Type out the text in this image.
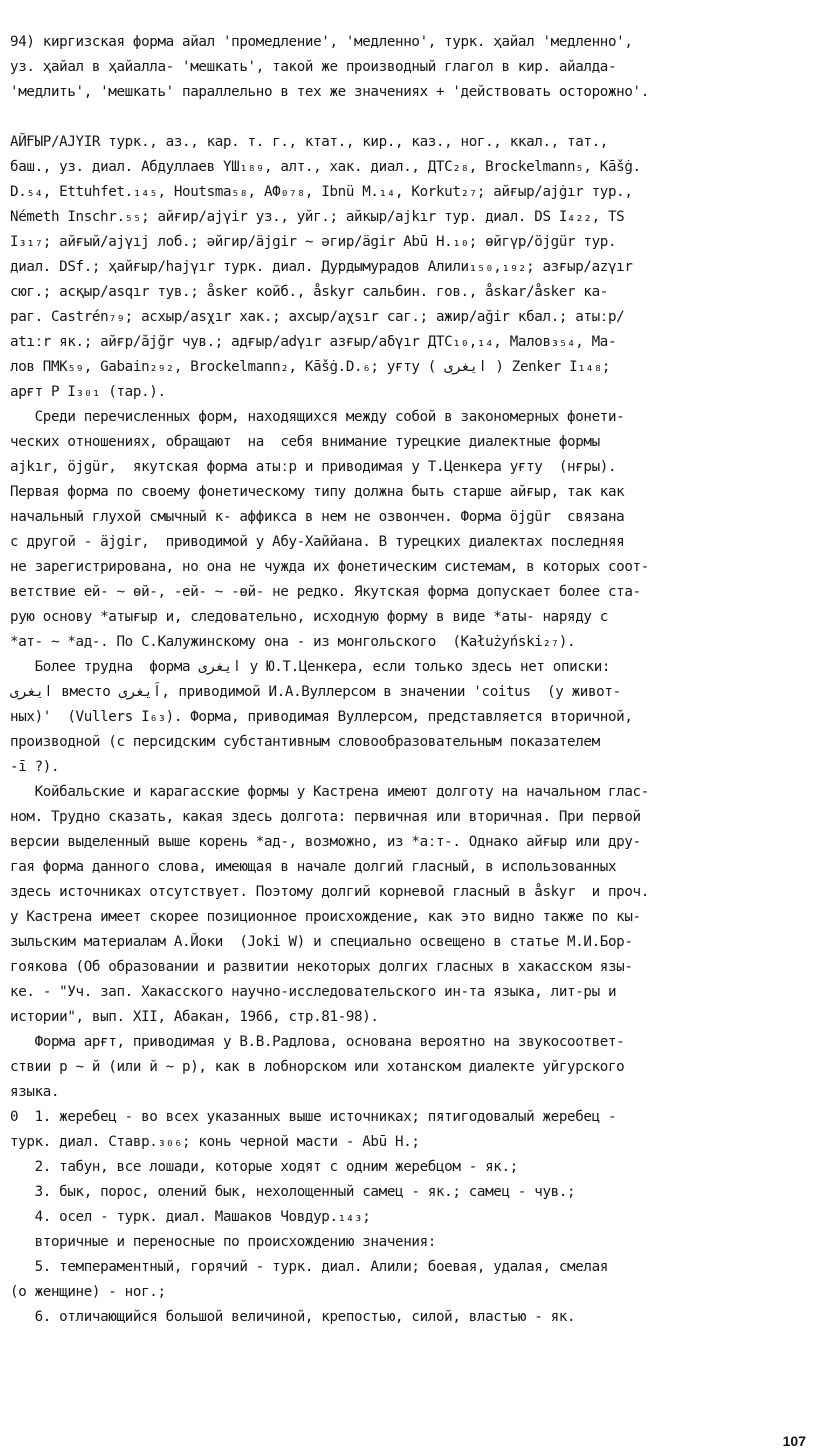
94) киргизская форма айал 'промедление', 'медленно', турк. ҳайал 'медленно',
уз. ҳайал в ҳайалла- 'мешкать', такой же производный глагол в кир. айалда-
'медлить', 'мешкать' параллельно в тех же значениях + 'действовать осторожно'.
АЙҒЫР/AJYIR турк., аз., кар. т. г., ктат., кир., каз., ног., ккал., тат.,
баш., уз. диал. Абдуллаев ҮШ₁₈₉, алт., хак. диал., ДТС₂₈, Brockelmann₅, Kāšġ.
D.₅₄, Ettuhfet.₁₄₅, Houtsma₅₈, АФ₀₇₈, Ibnü M.₁₄, Korkut₂₇; айғыр/ajġır тур.,
Németh Inschr.₅₅; айғир/ajγir уз., уйг.; айкыр/ajkır тур. диал. DS I₄₂₂, TS
I₃₁₇; айғый/ajγıj лоб.; әйгир/äjgir ~ әгир/ägir Abū H.₁₀; өйгүр/öjgür тур.
диал. DSf.; ҳайғыр/hajγır турк. диал. Дурдымурадов Алили₁₅₀,₁₉₂; азғыр/azγır
сюг.; асқыр/asqır тув.; åsker койб., åskyr сальбин. гов., åskar/åsker ка-
раг. Castrén₇₉; асхыр/asχır хак.; ахсыр/aχsır саг.; ажир/ağir кбал.; атыːр/
atıːr як.; айғр/ăjğr чув.; адғыр/adγır азғыр/aδγır ДТС₁₀,₁₄, Малов₃₅₄, Ма-
лов ПМК₅₉, Gabain₂₉₂, Brockelmann₂, Kāšġ.D.₆; уғту ( ایغری ) Zenker I₁₄₈;
арғт Р I₃₀₁ (тар.).
Среди перечисленных форм, находящихся между собой в закономерных фонети-
ческих отношениях, обращают  на  себя внимание турецкие диалектные формы
ajkır, öjgür,  якутская форма атыːр и приводимая у Т.Ценкера уғту  (нғры).
Первая форма по своему фонетическому типу должна быть старше айғыр, так как
начальный глухой смычный к- аффикса в нем не озвончен. Форма öjgür  связана
с другой - äjgir,  приводимой у Абу-Хаййана. В турецких диалектах последняя
не зарегистрирована, но она не чужда их фонетическим системам, в которых соот-
ветствие ей- ~ өй-, -ей- ~ -өй- не редко. Якутская форма допускает более ста-
рую основу *атығыр и, следовательно, исходную форму в виде *аты- наряду с
*ат- ~ *ад-. По С.Калужинскому она - из монгольского  (Kałużyński₂₇).
Более трудна  форма ایغری у Ю.Т.Ценкера, если только здесь нет описки:
ایغری вместо اَیغری, приводимой И.А.Вуллерсом в значении 'coitus  (у живот-
ных)'  (Vullers I₆₃). Форма, приводимая Вуллерсом, представляется вторичной,
производной (с персидским субстантивным словообразовательным показателем
-ī ?).
Койбальские и карагасские формы у Кастрена имеют долготу на начальном глас-
ном. Трудно сказать, какая здесь долгота: первичная или вторичная. При первой
версии выделенный выше корень *ад-, возможно, из *аːт-. Однако айғыр или дру-
гая форма данного слова, имеющая в начале долгий гласный, в использованных
здесь источниках отсутствует. Поэтому долгий корневой гласный в åskyr  и проч.
у Кастрена имеет скорее позиционное происхождение, как это видно также по кы-
зыльским материалам А.Йоки  (Joki W) и специально освещено в статье М.И.Бор-
гоякова (Об образовании и развитии некоторых долгих гласных в хакасском язы-
ке. - "Уч. зап. Хакасского научно-исследовательского ин-та языка, лит-ры и
истории", вып. XII, Абакан, 1966, стр.81-98).
Форма арғт, приводимая у В.В.Радлова, основана вероятно на звукосоответ-
ствии р ~ й (или й ~ р), как в лобнорском или хотанском диалекте уйгурского
языка.
0  1. жеребец - во всех указанных выше источниках; пятигодовалый жеребец -
турк. диал. Ставр.₃₀₆; конь черной масти - Abū H.;
2. табун, все лошади, которые ходят с одним жеребцом - як.;
3. бык, порос, олений бык, нехолощенный самец - як.; самец - чув.;
4. осел - турк. диал. Машаков Човдур.₁₄₃;
вторичные и переносные по происхождению значения:
5. темпераментный, горячий - турк. диал. Алили; боевая, удалая, смелая
(о женщине) - ног.;
6. отличающийся большой величиной, крепостью, силой, властью - як.
107
